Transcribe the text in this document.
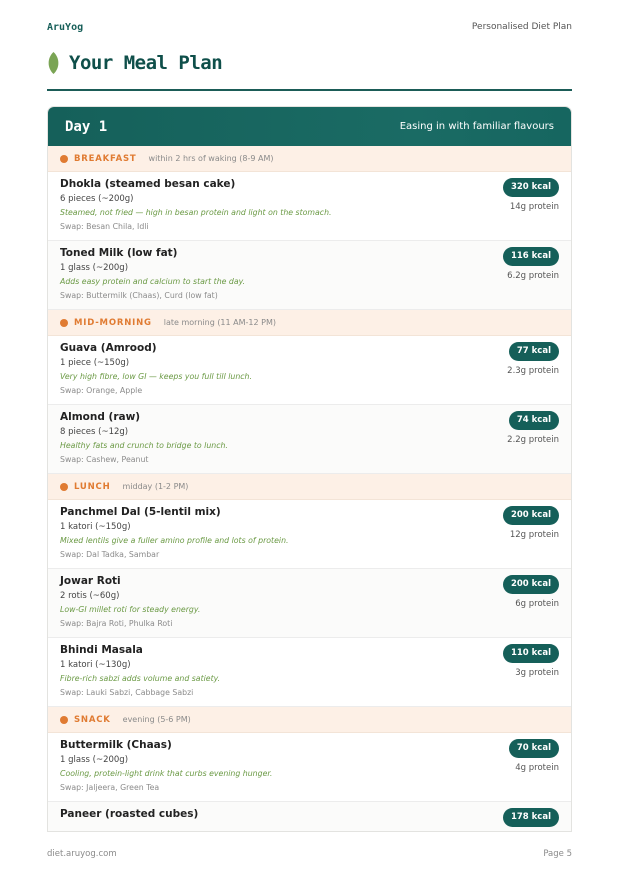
AruYog	Personalised Diet Plan
Your Meal Plan
Day 1	Easing in with familiar flavours
BREAKFAST within 2 hrs of waking (8-9 AM)
Dhokla (steamed besan cake)
6 pieces (~200g)
Steamed, not fried — high in besan protein and light on the stomach.
Swap: Besan Chila, Idli
320 kcal
14g protein
Toned Milk (low fat)
1 glass (~200g)
Adds easy protein and calcium to start the day.
Swap: Buttermilk (Chaas), Curd (low fat)
116 kcal
6.2g protein
MID-MORNING late morning (11 AM-12 PM)
Guava (Amrood)
1 piece (~150g)
Very high fibre, low GI — keeps you full till lunch.
Swap: Orange, Apple
77 kcal
2.3g protein
Almond (raw)
8 pieces (~12g)
Healthy fats and crunch to bridge to lunch.
Swap: Cashew, Peanut
74 kcal
2.2g protein
LUNCH midday (1-2 PM)
Panchmel Dal (5-lentil mix)
1 katori (~150g)
Mixed lentils give a fuller amino profile and lots of protein.
Swap: Dal Tadka, Sambar
200 kcal
12g protein
Jowar Roti
2 rotis (~60g)
Low-GI millet roti for steady energy.
Swap: Bajra Roti, Phulka Roti
200 kcal
6g protein
Bhindi Masala
1 katori (~130g)
Fibre-rich sabzi adds volume and satiety.
Swap: Lauki Sabzi, Cabbage Sabzi
110 kcal
3g protein
SNACK evening (5-6 PM)
Buttermilk (Chaas)
1 glass (~200g)
Cooling, protein-light drink that curbs evening hunger.
Swap: Jaljeera, Green Tea
70 kcal
4g protein
Paneer (roasted cubes)	178 kcal
diet.aruyog.com	Page 5
